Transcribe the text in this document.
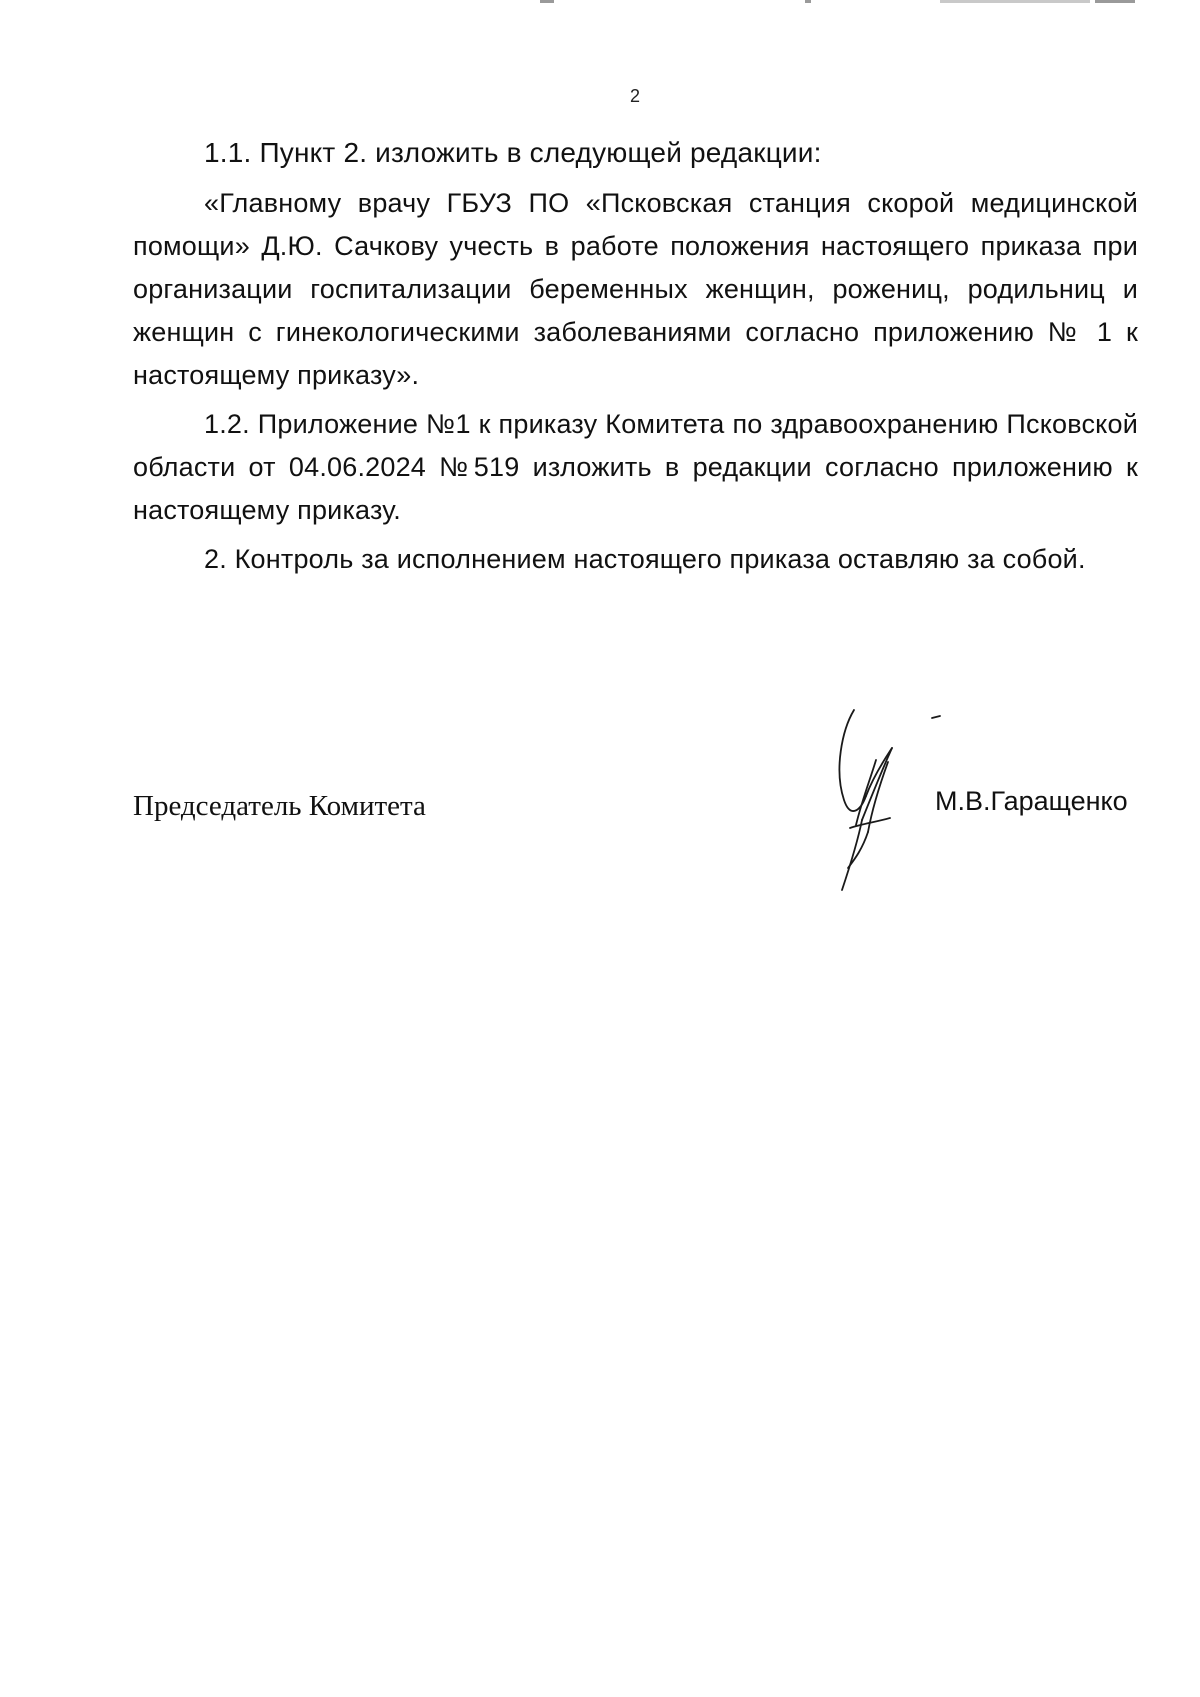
2

1.1. Пункт 2. изложить в следующей редакции:

«Главному врачу ГБУЗ ПО «Псковская станция скорой медицинской помощи» Д.Ю. Сачкову учесть в работе положения настоящего приказа при организации госпитализации беременных женщин, рожениц, родильниц и женщин с гинекологическими заболеваниями согласно приложению № 1 к настоящему приказу».

1.2. Приложение №1 к приказу Комитета по здравоохранению Псковской области от 04.06.2024 №519 изложить в редакции согласно приложению к настоящему приказу.

2. Контроль за исполнением настоящего приказа оставляю за собой.

Председатель Комитета	М.В.Гаращенко
